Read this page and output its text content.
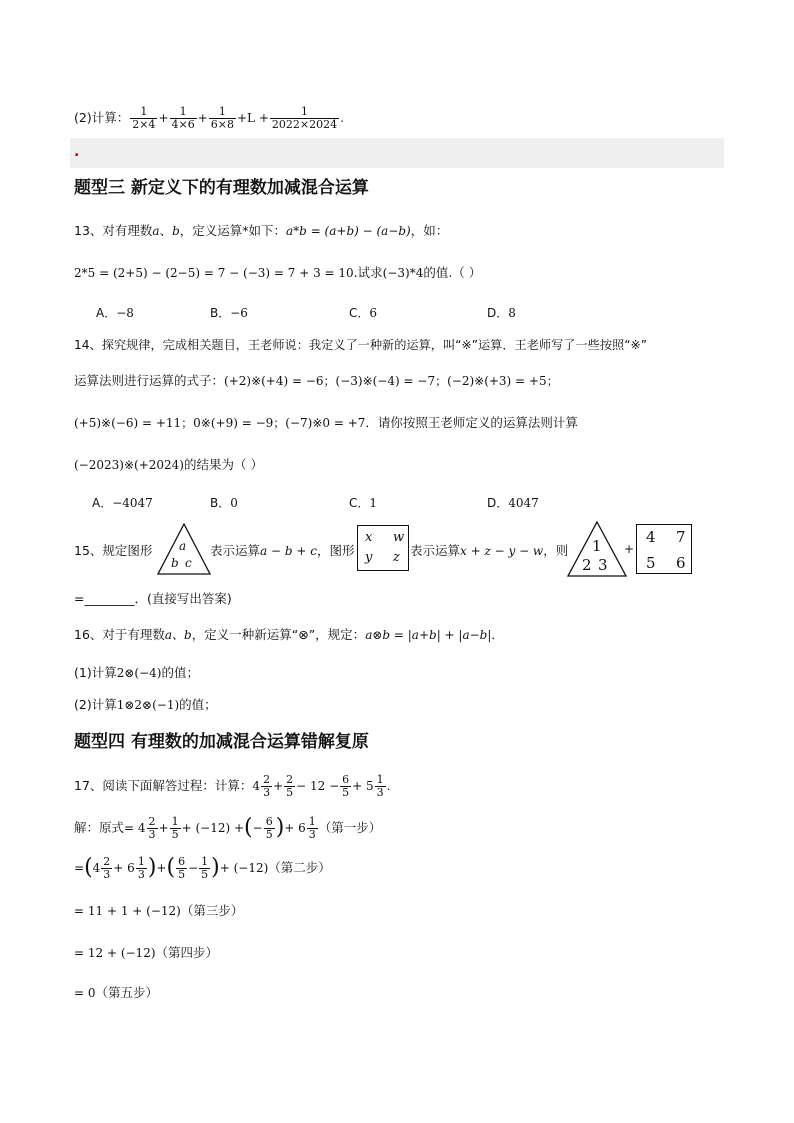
(2)计算： $\frac{1}{2\times 4} + \frac{1}{4\times 6} + \frac{1}{6\times 8} +L + \frac{1}{2022\times 2024}$ .
.
题型三 新定义下的有理数加减混合运算
13、对有理数a、b，定义运算*如下：a*b = (a+b) − (a−b)，如：
2*5 = (2+5) − (2−5) = 7 − (−3) = 7 + 3 = 10.试求(−3)*4的值.（ ）
A．−8	B．−6	C．6	D．8
14、探究规律，完成相关题目，王老师说：我定义了一种新的运算，叫“※”运算．王老师写了一些按照“※”
运算法则进行运算的式子：(+2)※(+4) = −6；(−3)※(−4) = −7；(−2)※(+3) = +5；
(+5)※(−6) = +11；0※(+9) = −9；(−7)※0 = +7．请你按照王老师定义的运算法则计算
(−2023)※(+2024)的结果为（ ）
A．−4047	B．0	C．1	D．4047
15、规定图形 a
b c
表示运算a − b + c，图形
x w
y z 表示运算x + z − y − w，则 1
2 3
+
4 7
5 6
=________．(直接写出答案)
16、对于有理数a、b，定义一种新运算“⊗”，规定：a⊗b = |a+b| + |a−b|．
(1)计算2⊗(−4)的值；
(2)计算1⊗2⊗(−1)的值；
题型四 有理数的加减混合运算错解复原
17、阅读下面解答过程：计算： $4 \frac{2}{3} + \frac{2}{5} - 12 - \frac{6}{5} + 5 \frac{1}{3}$ .
解：原式 = $4 \frac{2}{3} + \frac{1}{5} + (-12)$ + ( − $\frac{6}{5}$ ) + $6 \frac{1}{3}$ （第一步）
= ( $4 \frac{2}{3} + 6 \frac{1}{3}$ ) + ( $\frac{6}{5} - \frac{1}{5}$ ) + (−12) （第二步）
= 11 + 1 + (−12)（第三步）
= 12 + (−12)（第四步）
= 0（第五步）
